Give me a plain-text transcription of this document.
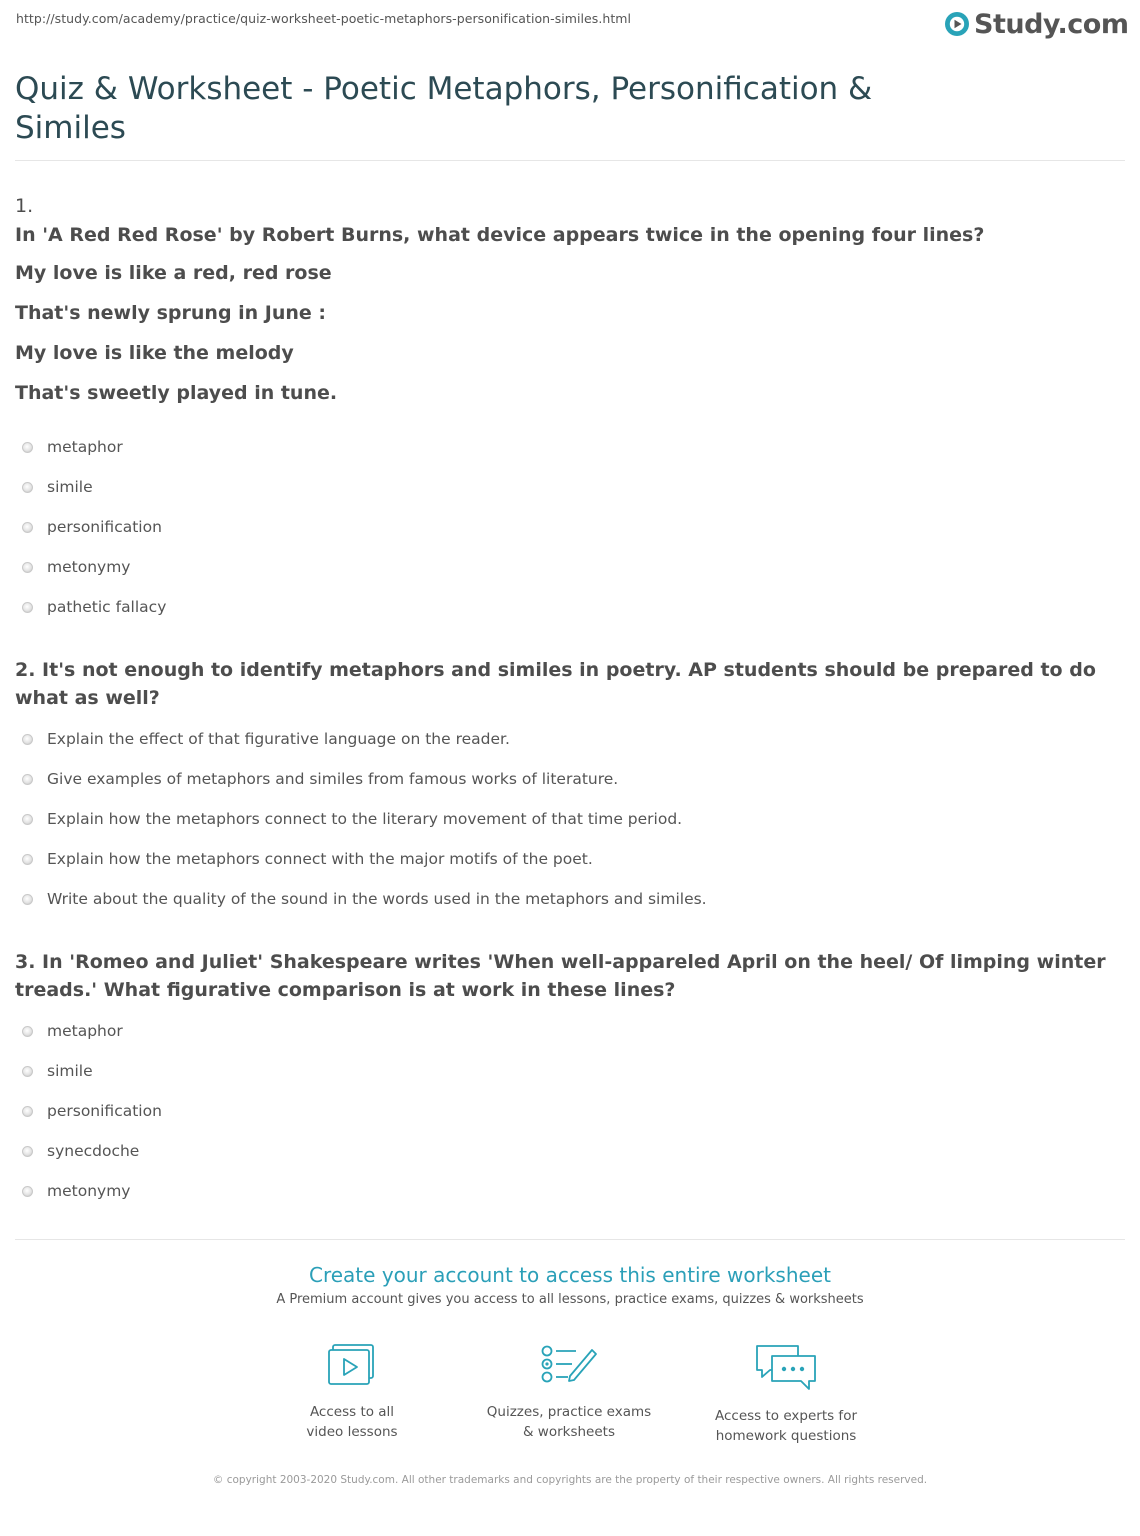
http://study.com/academy/practice/quiz-worksheet-poetic-metaphors-personification-similes.html	Study.com
Quiz & Worksheet - Poetic Metaphors, Personification & Similes
1.
In 'A Red Red Rose' by Robert Burns, what device appears twice in the opening four lines?
My love is like a red, red rose
That's newly sprung in June :
My love is like the melody
That's sweetly played in tune.
metaphor
simile
personification
metonymy
pathetic fallacy
2. It's not enough to identify metaphors and similes in poetry. AP students should be prepared to do what as well?
Explain the effect of that figurative language on the reader.
Give examples of metaphors and similes from famous works of literature.
Explain how the metaphors connect to the literary movement of that time period.
Explain how the metaphors connect with the major motifs of the poet.
Write about the quality of the sound in the words used in the metaphors and similes.
3. In 'Romeo and Juliet' Shakespeare writes 'When well-appareled April on the heel/ Of limping winter treads.' What figurative comparison is at work in these lines?
metaphor
simile
personification
synecdoche
metonymy
Create your account to access this entire worksheet
A Premium account gives you access to all lessons, practice exams, quizzes & worksheets
Access to all
video lessons
Quizzes, practice exams
& worksheets
Access to experts for
homework questions
© copyright 2003-2020 Study.com. All other trademarks and copyrights are the property of their respective owners. All rights reserved.
